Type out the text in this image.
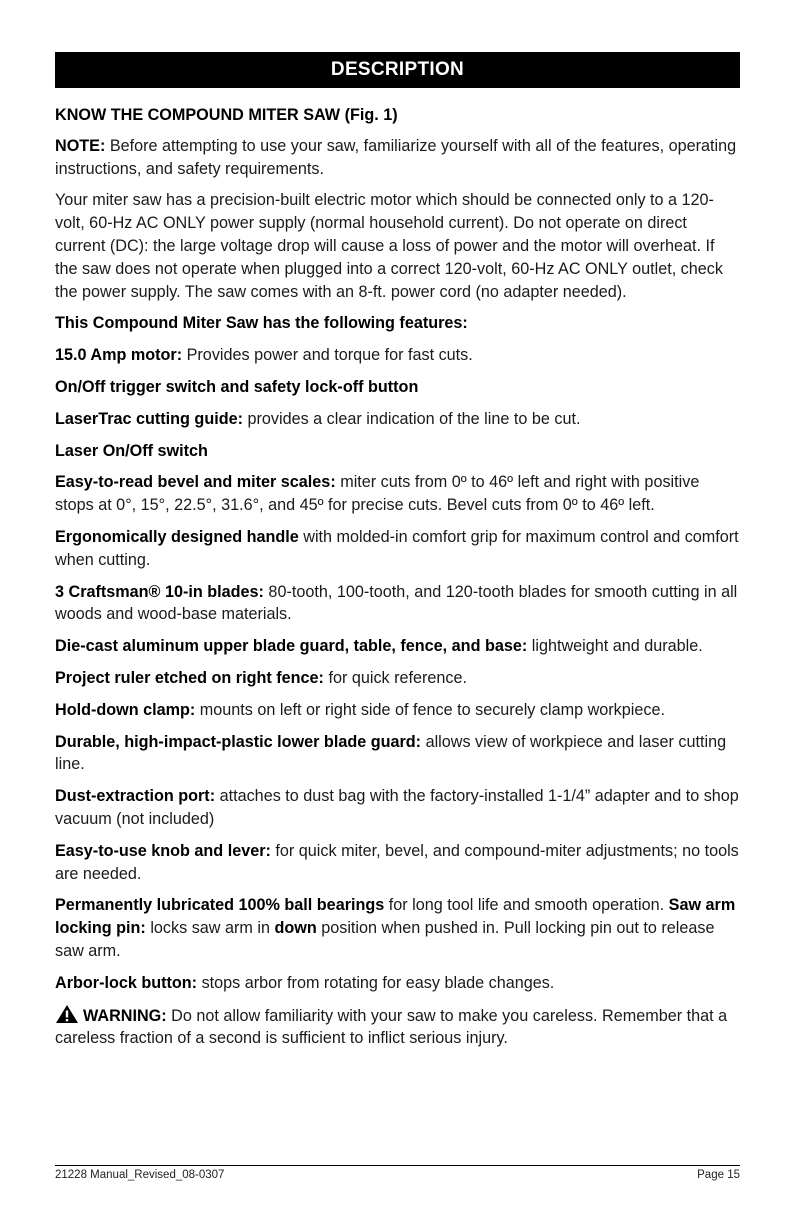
DESCRIPTION

KNOW THE COMPOUND MITER SAW (Fig. 1)

NOTE: Before attempting to use your saw, familiarize yourself with all of the features, operating instructions, and safety requirements.

Your miter saw has a precision-built electric motor which should be connected only to a 120-volt, 60-Hz AC ONLY power supply (normal household current). Do not operate on direct current (DC): the large voltage drop will cause a loss of power and the motor will overheat. If the saw does not operate when plugged into a correct 120-volt, 60-Hz AC ONLY outlet, check the power supply. The saw comes with an 8-ft. power cord (no adapter needed).

This Compound Miter Saw has the following features:

15.0 Amp motor: Provides power and torque for fast cuts.

On/Off trigger switch and safety lock-off button

LaserTrac cutting guide: provides a clear indication of the line to be cut.

Laser On/Off switch

Easy-to-read bevel and miter scales: miter cuts from 0º to 46º left and right with positive stops at 0°, 15°, 22.5°, 31.6°, and 45º for precise cuts. Bevel cuts from 0º to 46º left.

Ergonomically designed handle with molded-in comfort grip for maximum control and comfort when cutting.

3 Craftsman® 10-in blades: 80-tooth, 100-tooth, and 120-tooth blades for smooth cutting in all woods and wood-base materials.

Die-cast aluminum upper blade guard, table, fence, and base: lightweight and durable.

Project ruler etched on right fence: for quick reference.

Hold-down clamp: mounts on left or right side of fence to securely clamp workpiece.

Durable, high-impact-plastic lower blade guard: allows view of workpiece and laser cutting line.

Dust-extraction port: attaches to dust bag with the factory-installed 1-1/4” adapter and to shop vacuum (not included)

Easy-to-use knob and lever: for quick miter, bevel, and compound-miter adjustments; no tools are needed.

Permanently lubricated 100% ball bearings for long tool life and smooth operation. Saw arm locking pin: locks saw arm in down position when pushed in. Pull locking pin out to release saw arm.

Arbor-lock button: stops arbor from rotating for easy blade changes.

WARNING: Do not allow familiarity with your saw to make you careless. Remember that a careless fraction of a second is sufficient to inflict serious injury.

21228 Manual_Revised_08-0307	Page 15
